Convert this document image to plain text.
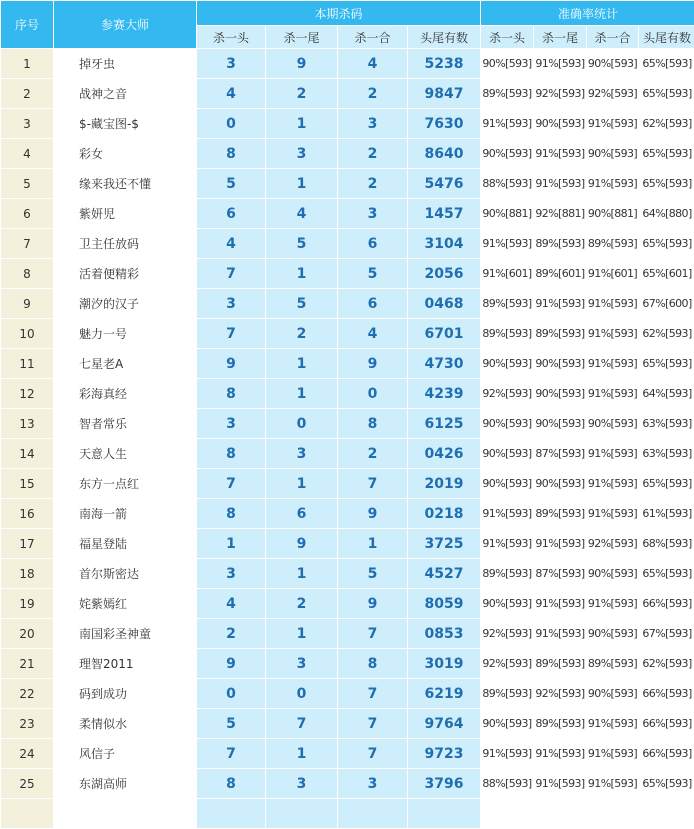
序号	参赛大师	本期杀码				准确率统计			
		杀一头	杀一尾	杀一合	头尾有数	杀一头	杀一尾	杀一合	头尾有数
1	掉牙虫	3	9	4	5238	90%[593]	91%[593]	90%[593]	65%[593]
2	战神之音	4	2	2	9847	89%[593]	92%[593]	92%[593]	65%[593]
3	$-藏宝图-$	0	1	3	7630	91%[593]	90%[593]	91%[593]	62%[593]
4	彩女	8	3	2	8640	90%[593]	91%[593]	90%[593]	65%[593]
5	缘来我还不懂	5	1	2	5476	88%[593]	91%[593]	91%[593]	65%[593]
6	紫妍児	6	4	3	1457	90%[881]	92%[881]	90%[881]	64%[880]
7	卫主任放码	4	5	6	3104	91%[593]	89%[593]	89%[593]	65%[593]
8	活着便精彩	7	1	5	2056	91%[601]	89%[601]	91%[601]	65%[601]
9	潮汐的汉子	3	5	6	0468	89%[593]	91%[593]	91%[593]	67%[600]
10	魅力一号	7	2	4	6701	89%[593]	89%[593]	91%[593]	62%[593]
11	七星老A	9	1	9	4730	90%[593]	90%[593]	91%[593]	65%[593]
12	彩海真经	8	1	0	4239	92%[593]	90%[593]	91%[593]	64%[593]
13	智者常乐	3	0	8	6125	90%[593]	90%[593]	90%[593]	63%[593]
14	天意人生	8	3	2	0426	90%[593]	87%[593]	91%[593]	63%[593]
15	东方一点红	7	1	7	2019	90%[593]	90%[593]	91%[593]	65%[593]
16	南海一箭	8	6	9	0218	91%[593]	89%[593]	91%[593]	61%[593]
17	福星登陆	1	9	1	3725	91%[593]	91%[593]	92%[593]	68%[593]
18	首尔斯密达	3	1	5	4527	89%[593]	87%[593]	90%[593]	65%[593]
19	姹紫嫣红	4	2	9	8059	90%[593]	91%[593]	91%[593]	66%[593]
20	南国彩圣神童	2	1	7	0853	92%[593]	91%[593]	90%[593]	67%[593]
21	理智2011	9	3	8	3019	92%[593]	89%[593]	89%[593]	62%[593]
22	码到成功	0	0	7	6219	89%[593]	92%[593]	90%[593]	66%[593]
23	柔情似水	5	7	7	9764	90%[593]	89%[593]	91%[593]	66%[593]
24	风信子	7	1	7	9723	91%[593]	91%[593]	91%[593]	66%[593]
25	东湖高师	8	3	3	3796	88%[593]	91%[593]	91%[593]	65%[593]
